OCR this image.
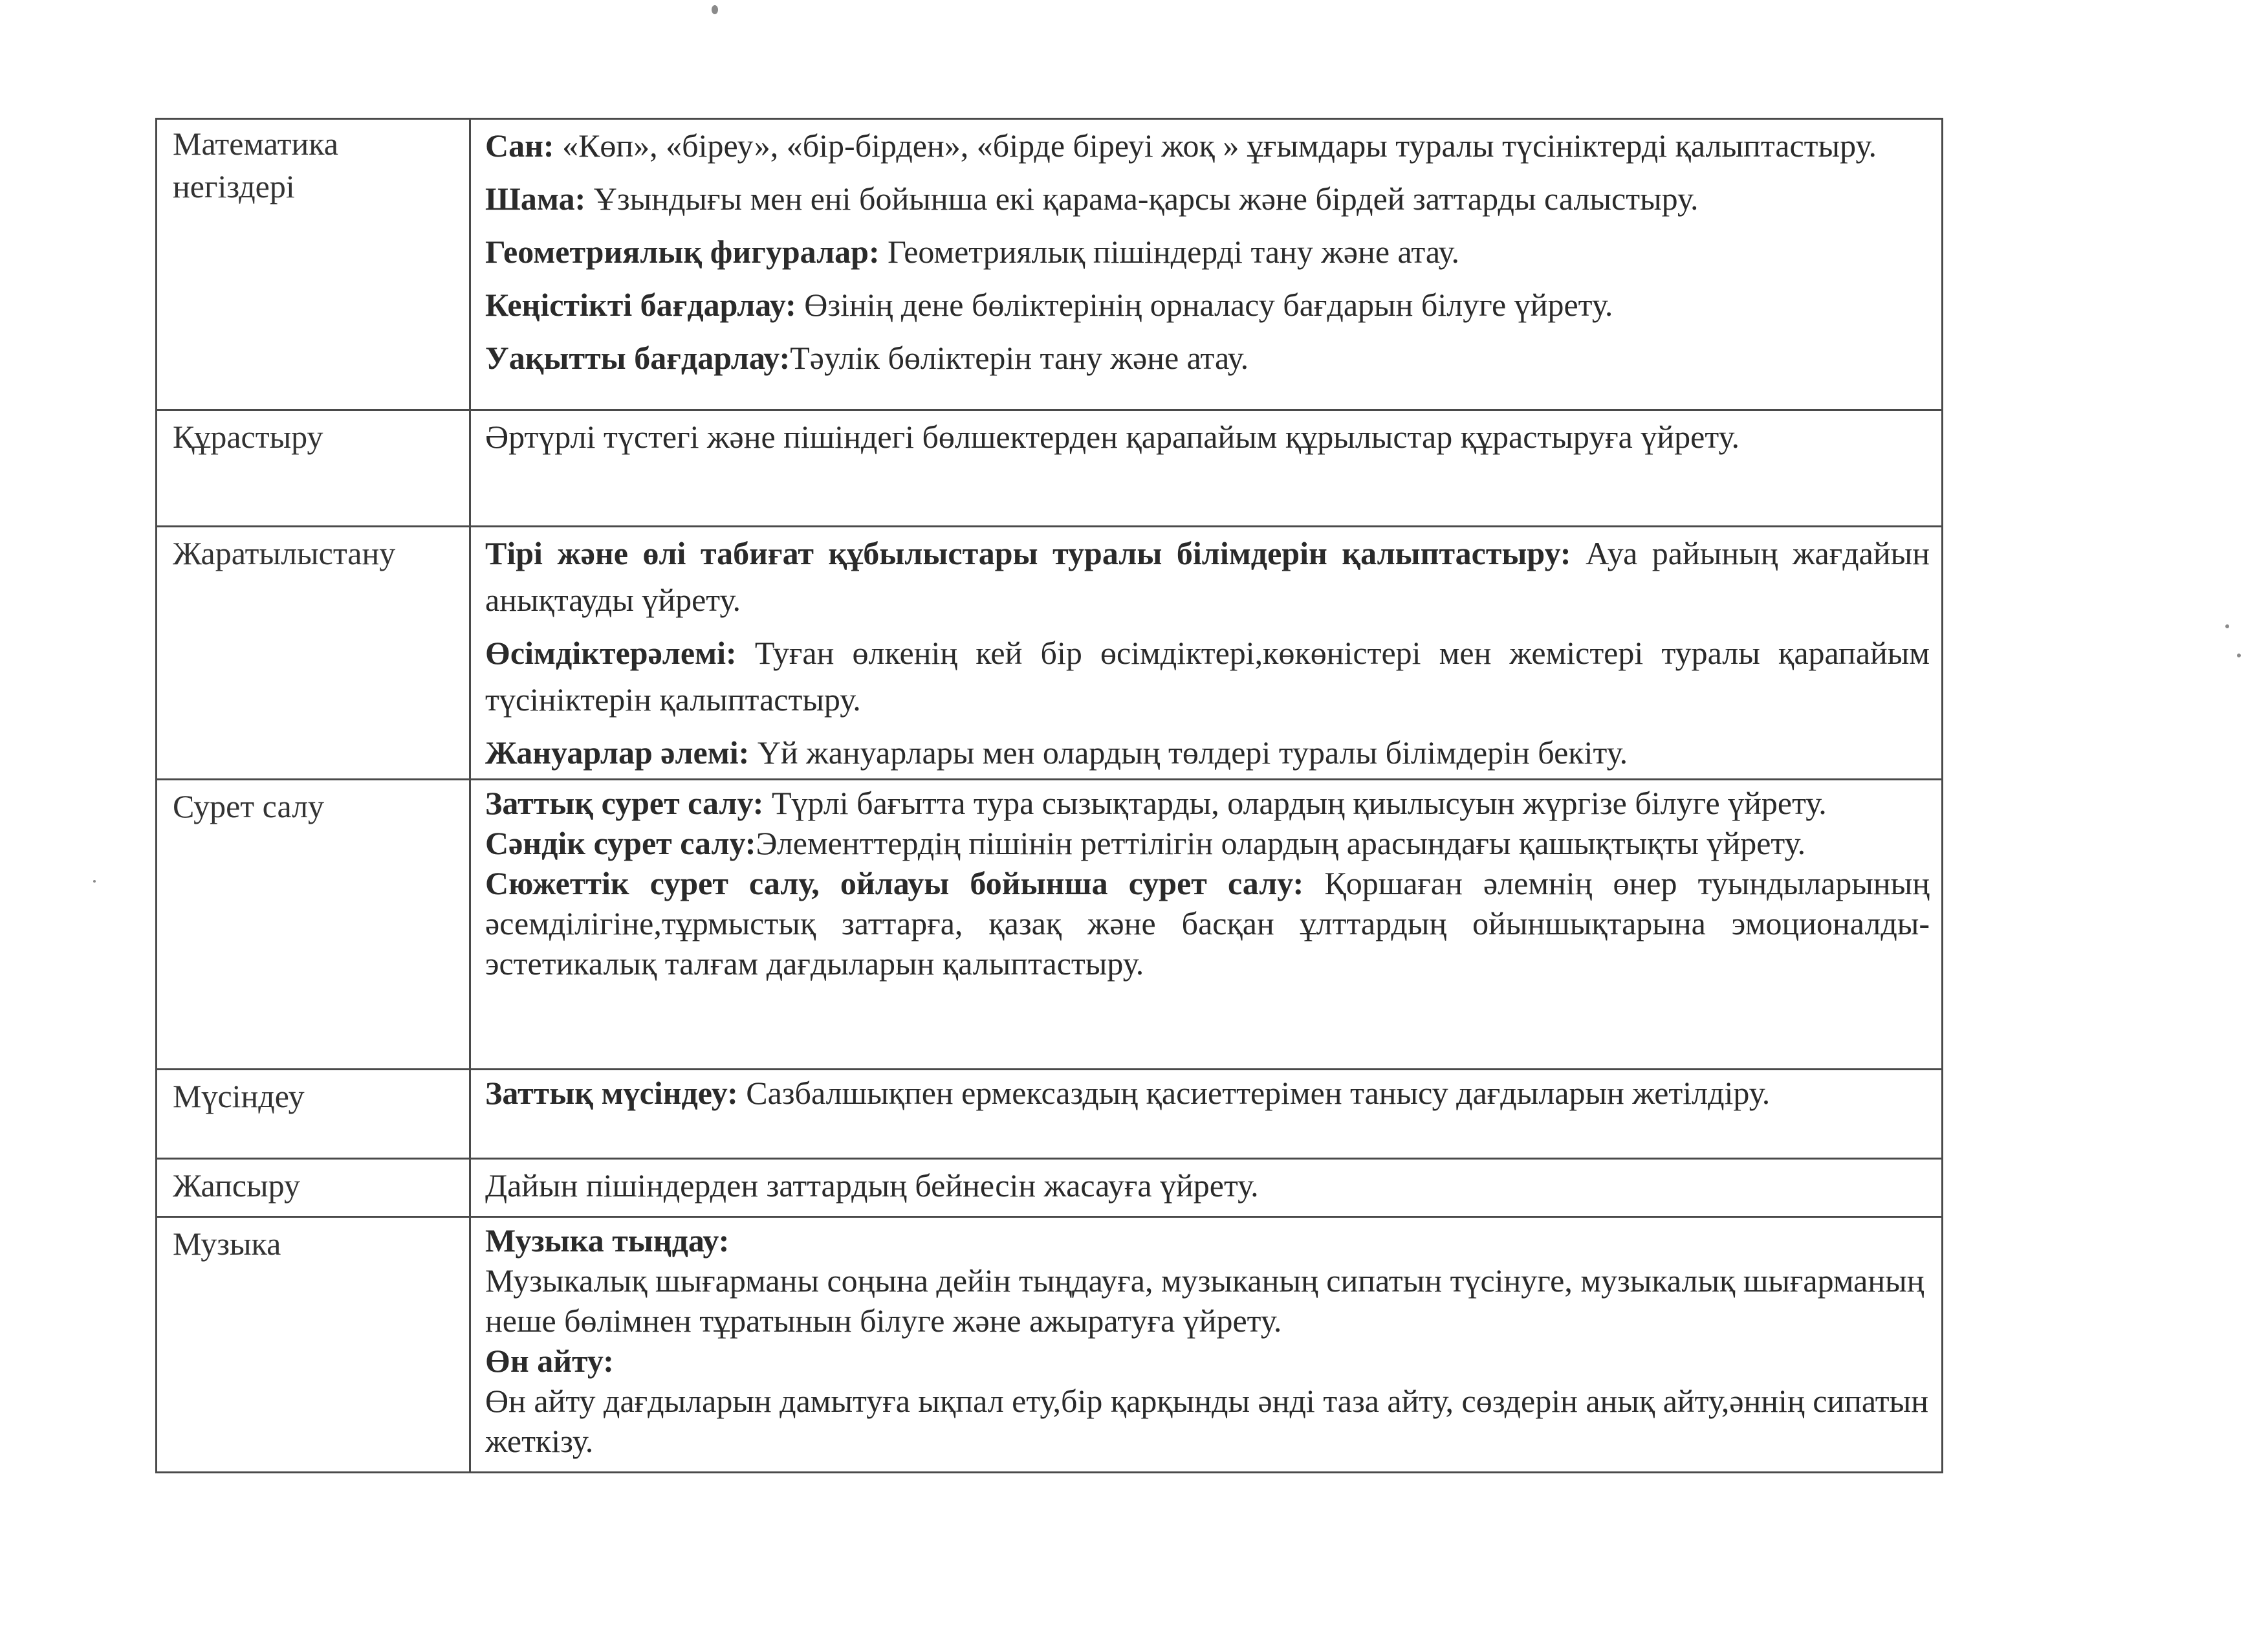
Математика негіздері	Сан: «Көп», «біреу», «бір-бірден», «бірде біреуі жоқ » ұғымдары туралы түсініктерді қалыптастыру.

Шама: Ұзындығы мен ені бойынша екі қарама-қарсы және бірдей заттарды салыстыру.

Геометриялық фигуралар: Геометриялық пішіндерді тану және атау.

Кеңістікті бағдарлау: Өзінің дене бөліктерінің орналасу бағдарын білуге үйрету.

Уақытты бағдарлау:Тәулік бөліктерін тану және атау.

Құрастыру	Әртүрлі түстегі және пішіндегі бөлшектерден қарапайым құрылыстар құрастыруға үйрету.

Жаратылыстану	Тірі және өлі табиғат құбылыстары туралы білімдерін қалыптастыру: Ауа райының жағдайын анықтауды үйрету.

Өсімдіктерәлемі: Туған өлкенің кей бір өсімдіктері,көкөністері мен жемістері туралы қарапайым түсініктерін қалыптастыру.

Жануарлар әлемі: Үй жануарлары мен олардың төлдері туралы білімдерін бекіту.

Сурет салу	Заттық сурет салу: Түрлі бағытта тура сызықтарды, олардың қиылысуын жүргізе білуге үйрету.

Сәндік сурет салу:Элементтердің пішінін реттілігін олардың арасындағы қашықтықты үйрету.

Сюжеттік сурет салу, ойлауы бойынша сурет салу: Қоршаған әлемнің өнер туындыларының әсемділігіне,тұрмыстық заттарға, қазақ және басқан ұлттардың ойыншықтарына эмоционалды-эстетикалық талғам дағдыларын қалыптастыру.

Мүсіндеу	Заттық мүсіндеу: Сазбалшықпен ермексаздың қасиеттерімен танысу дағдыларын жетілдіру.

Жапсыру	Дайын пішіндерден заттардың бейнесін жасауға үйрету.

Музыка	Музыка тыңдау:

Музыкалық шығарманы соңына дейін тыңдауға, музыканың сипатын түсінуге, музыкалық шығарманың неше бөлімнен тұратынын білуге және ажыратуға үйрету.

Өн айту:

Өн айту дағдыларын дамытуға ықпал ету,бір қарқынды әнді таза айту, сөздерін анық айту,әннің сипатын жеткізу.
